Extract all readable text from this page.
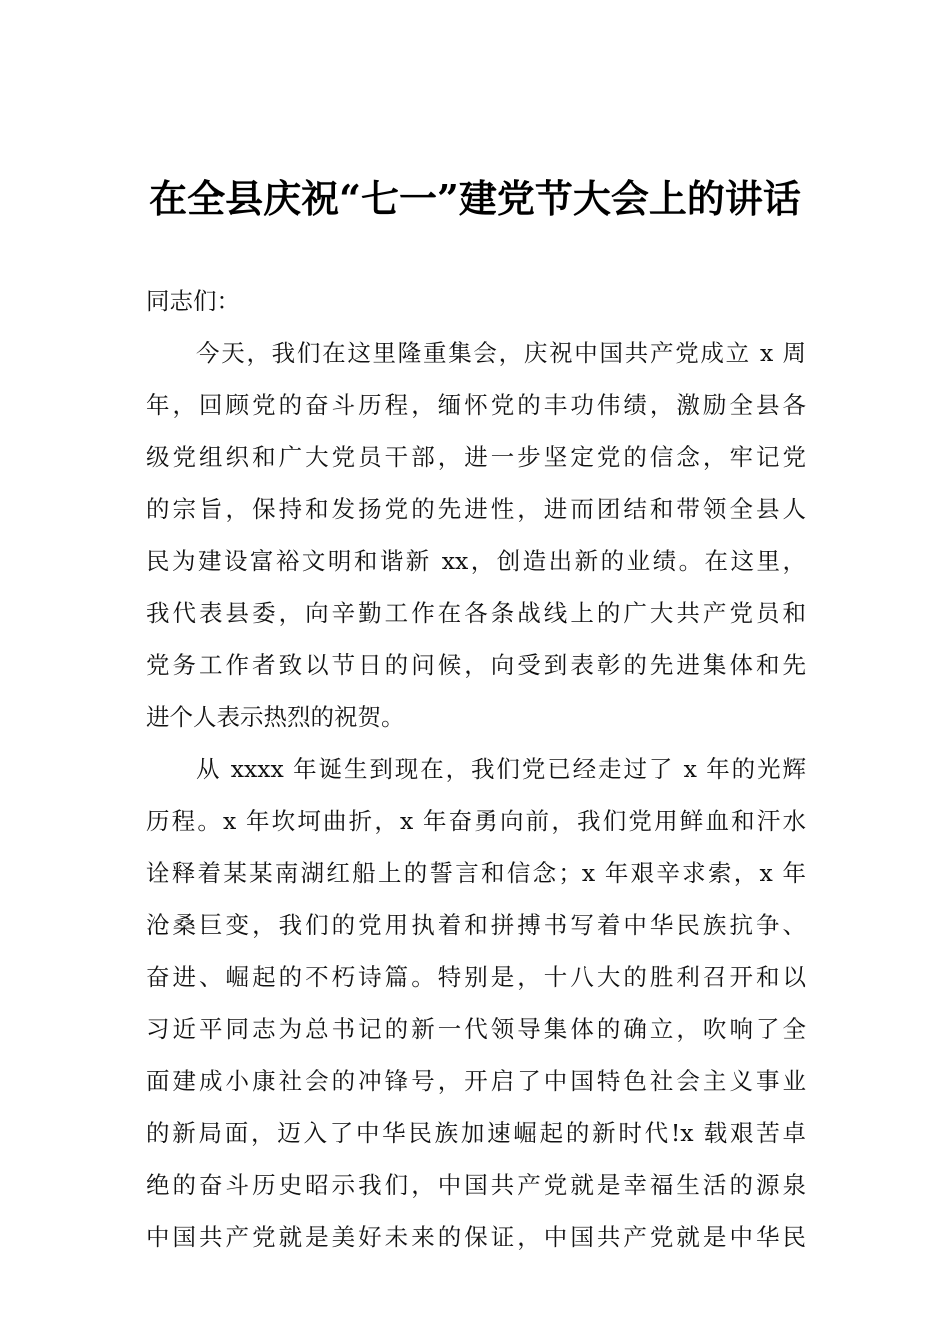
在全县庆祝“七一”建党节大会上的讲话
同志们：
今天，我们在这里隆重集会，庆祝中国共产党成立 x 周
年，回顾党的奋斗历程，缅怀党的丰功伟绩，激励全县各
级党组织和广大党员干部，进一步坚定党的信念，牢记党
的宗旨，保持和发扬党的先进性，进而团结和带领全县人
民为建设富裕文明和谐新 xx，创造出新的业绩。在这里，
我代表县委，向辛勤工作在各条战线上的广大共产党员和
党务工作者致以节日的问候，向受到表彰的先进集体和先
进个人表示热烈的祝贺。
从 xxxx 年诞生到现在，我们党已经走过了 x 年的光辉
历程。x 年坎坷曲折，x 年奋勇向前，我们党用鲜血和汗水
诠释着某某南湖红船上的誓言和信念；x 年艰辛求索，x 年
沧桑巨变，我们的党用执着和拼搏书写着中华民族抗争、
奋进、崛起的不朽诗篇。特别是，十八大的胜利召开和以
习近平同志为总书记的新一代领导集体的确立，吹响了全
面建成小康社会的冲锋号，开启了中国特色社会主义事业
的新局面，迈入了中华民族加速崛起的新时代!x 载艰苦卓
绝的奋斗历史昭示我们，中国共产党就是幸福生活的源泉
中国共产党就是美好未来的保证，中国共产党就是中华民
